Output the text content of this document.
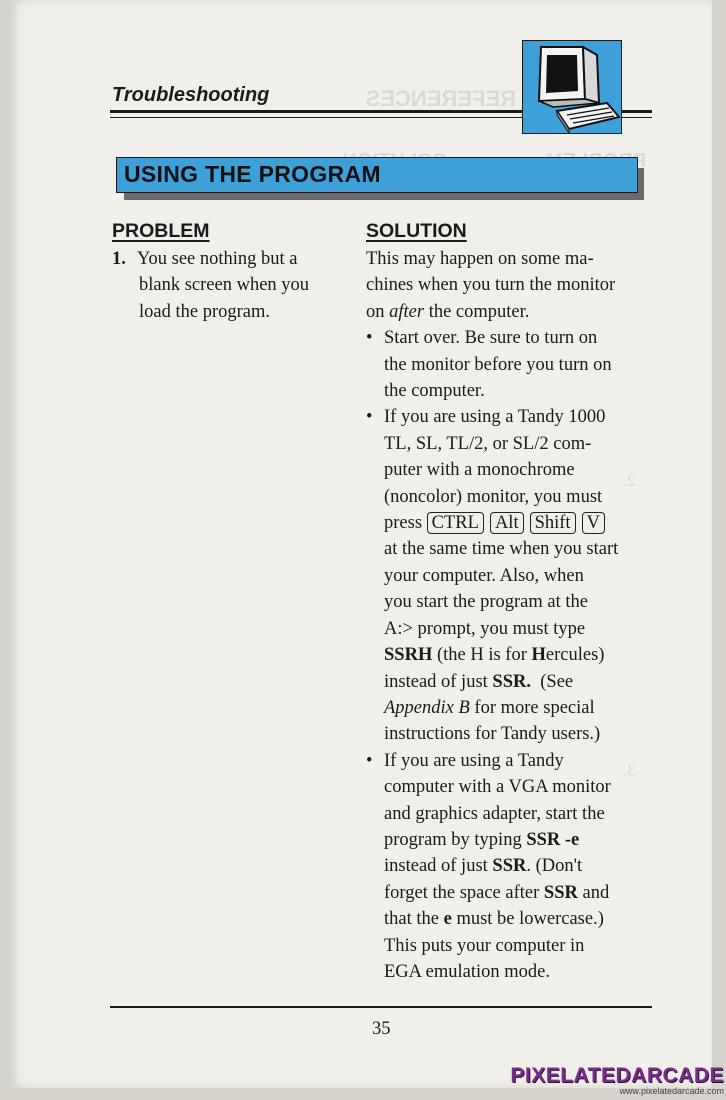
Troubleshooting
USING THE PROGRAM
PROBLEM	SOLUTION
1. You see nothing but a
blank screen when you
load the program.
This may happen on some ma-
chines when you turn the monitor
on after the computer.
• Start over. Be sure to turn on
the monitor before you turn on
the computer.
• If you are using a Tandy 1000
TL, SL, TL/2, or SL/2 com-
puter with a monochrome
(noncolor) monitor, you must
press CTRL Alt Shift V
at the same time when you start
your computer. Also, when
you start the program at the
A:> prompt, you must type
SSRH (the H is for Hercules)
instead of just SSR. (See
Appendix B for more special
instructions for Tandy users.)
• If you are using a Tandy
computer with a VGA monitor
and graphics adapter, start the
program by typing SSR -e
instead of just SSR. (Don't
forget the space after SSR and
that the e must be lowercase.)
This puts your computer in
EGA emulation mode.
35
PIXELATEDARCADE
www.pixelatedarcade.com
